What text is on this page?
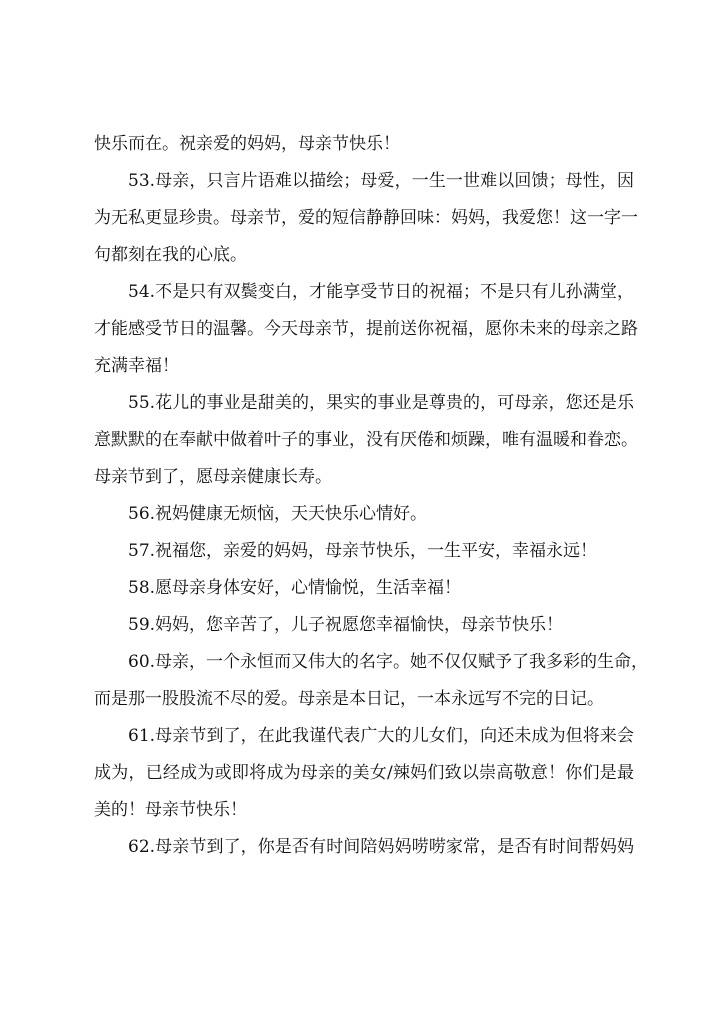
快乐而在。祝亲爱的妈妈，母亲节快乐！
53.母亲，只言片语难以描绘；母爱，一生一世难以回馈；母性，因
为无私更显珍贵。母亲节，爱的短信静静回味：妈妈，我爱您！这一字一
句都刻在我的心底。
54.不是只有双鬓变白，才能享受节日的祝福；不是只有儿孙满堂，
才能感受节日的温馨。今天母亲节，提前送你祝福，愿你未来的母亲之路
充满幸福！
55.花儿的事业是甜美的，果实的事业是尊贵的，可母亲，您还是乐
意默默的在奉献中做着叶子的事业，没有厌倦和烦躁，唯有温暖和眷恋。
母亲节到了，愿母亲健康长寿。
56.祝妈健康无烦恼，天天快乐心情好。
57.祝福您，亲爱的妈妈，母亲节快乐，一生平安，幸福永远！
58.愿母亲身体安好，心情愉悦，生活幸福！
59.妈妈，您辛苦了，儿子祝愿您幸福愉快，母亲节快乐！
60.母亲，一个永恒而又伟大的名字。她不仅仅赋予了我多彩的生命，
而是那一股股流不尽的爱。母亲是本日记，一本永远写不完的日记。
61.母亲节到了，在此我谨代表广大的儿女们，向还未成为但将来会
成为，已经成为或即将成为母亲的美女/辣妈们致以崇高敬意！你们是最
美的！母亲节快乐！
62.母亲节到了，你是否有时间陪妈妈唠唠家常，是否有时间帮妈妈
